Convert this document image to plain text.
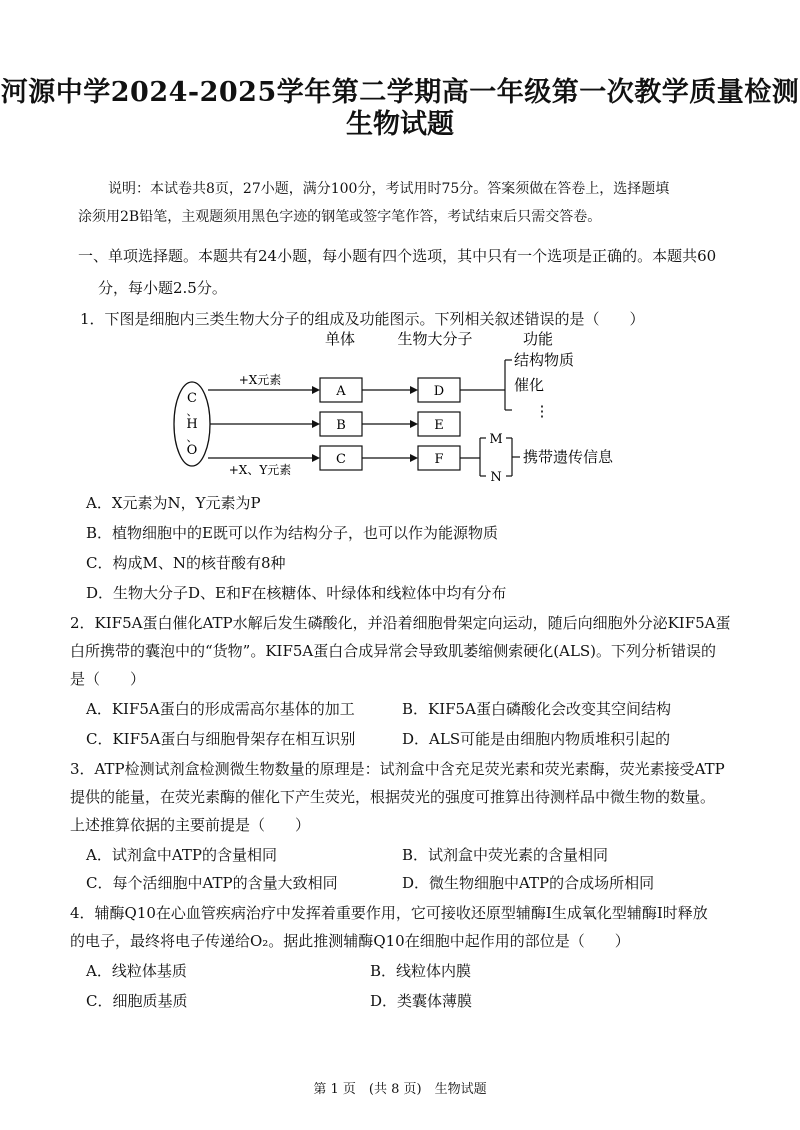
河源中学2024-2025学年第二学期高一年级第一次教学质量检测
生物试题
说明：本试卷共8页，27小题，满分100分，考试用时75分。答案须做在答卷上，选择题填
涂须用2B铅笔，主观题须用黑色字迹的钢笔或签字笔作答，考试结束后只需交答卷。
一、单项选择题。本题共有24小题，每小题有四个选项，其中只有一个选项是正确的。本题共60
分，每小题2.5分。
1．下图是细胞内三类生物大分子的组成及功能图示。下列相关叙述错误的是（　　）
单体	生物大分子	功能
C
、
H
、
O
+X元素
+X、Y元素
A
B
C
D
E
F
结构物质
催化
⋮
M
N
携带遗传信息
A．X元素为N，Y元素为P
B．植物细胞中的E既可以作为结构分子，也可以作为能源物质
C．构成M、N的核苷酸有8种
D．生物大分子D、E和F在核糖体、叶绿体和线粒体中均有分布
2．KIF5A蛋白催化ATP水解后发生磷酸化，并沿着细胞骨架定向运动，随后向细胞外分泌KIF5A蛋
白所携带的囊泡中的“货物”。KIF5A蛋白合成异常会导致肌萎缩侧索硬化(ALS)。下列分析错误的
是（　　）
A．KIF5A蛋白的形成需高尔基体的加工	B．KIF5A蛋白磷酸化会改变其空间结构
C．KIF5A蛋白与细胞骨架存在相互识别	D．ALS可能是由细胞内物质堆积引起的
3．ATP检测试剂盒检测微生物数量的原理是：试剂盒中含充足荧光素和荧光素酶，荧光素接受ATP
提供的能量，在荧光素酶的催化下产生荧光，根据荧光的强度可推算出待测样品中微生物的数量。
上述推算依据的主要前提是（　　）
A．试剂盒中ATP的含量相同	B．试剂盒中荧光素的含量相同
C．每个活细胞中ATP的含量大致相同	D．微生物细胞中ATP的合成场所相同
4．辅酶Q10在心血管疾病治疗中发挥着重要作用，它可接收还原型辅酶Ⅰ生成氧化型辅酶Ⅰ时释放
的电子，最终将电子传递给O₂。据此推测辅酶Q10在细胞中起作用的部位是（　　）
A．线粒体基质	B．线粒体内膜
C．细胞质基质	D．类囊体薄膜
第 1 页　(共 8 页)　生物试题
